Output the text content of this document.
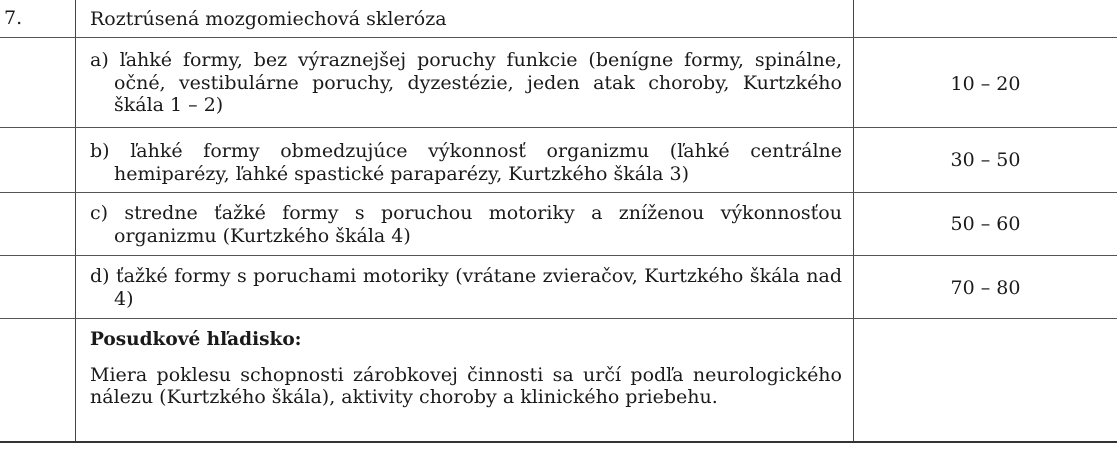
7.	Roztrúsená mozgomiechová skleróza
a) ľahké formy, bez výraznejšej poruchy funkcie (benígne formy, spinálne, očné, vestibulárne poruchy, dyzestézie, jeden atak choroby, Kurtzkého škála 1 – 2)
10 – 20
b) ľahké formy obmedzujúce výkonnosť organizmu (ľahké centrálne hemiparézy, ľahké spastické paraparézy, Kurtzkého škála 3)
30 – 50
c) stredne ťažké formy s poruchou motoriky a zníženou výkonnosťou organizmu (Kurtzkého škála 4)
50 – 60
d) ťažké formy s poruchami motoriky (vrátane zvieračov, Kurtzkého škála nad 4)	70 – 80
Posudkové hľadisko:
Miera poklesu schopnosti zárobkovej činnosti sa určí podľa neurologického nálezu (Kurtzkého škála), aktivity choroby a klinického priebehu.
